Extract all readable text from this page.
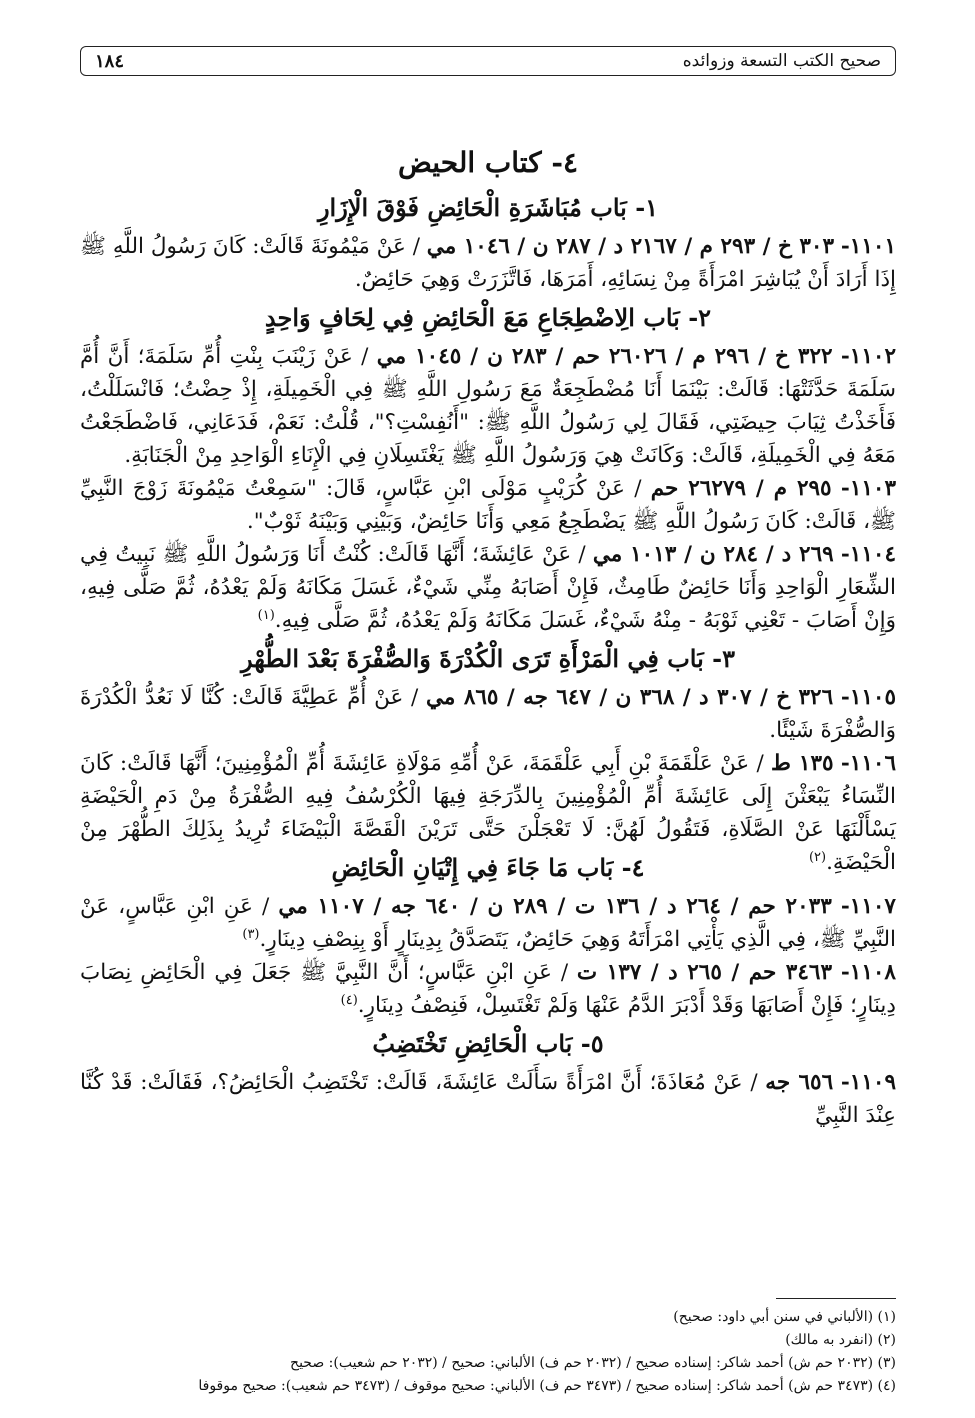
صحيح الكتب التسعة وزوائده
١٨٤
٤- كتاب الحيض
١- بَاب مُبَاشَرَةِ الْحَائِضِ فَوْقَ الْإِزَارِ

١١٠١- ٣٠٣ خ / ٢٩٣ م / ٢١٦٧ د / ٢٨٧ ن / ١٠٤٦ مي / عَنْ مَيْمُونَةَ قَالَتْ: كَانَ رَسُولُ اللَّهِ ﷺ إِذَا أَرَادَ أَنْ يُبَاشِرَ امْرَأَةً مِنْ نِسَائِهِ، أَمَرَهَا، فَاتَّزَرَتْ وَهِيَ حَائِضٌ.

٢- بَاب الِاضْطِجَاعِ مَعَ الْحَائِضِ فِي لِحَافٍ وَاحِدٍ

١١٠٢- ٣٢٢ خ / ٢٩٦ م / ٢٦٠٢٦ حم / ٢٨٣ ن / ١٠٤٥ مي / عَنْ زَيْنَبَ بِنْتِ أُمِّ سَلَمَةَ؛ أَنَّ أُمَّ سَلَمَةَ حَدَّثَتْهَا: قَالَتْ: بَيْنَمَا أَنَا مُضْطَجِعَةٌ مَعَ رَسُولِ اللَّهِ ﷺ فِي الْخَمِيلَةِ، إِذْ حِضْتُ؛ فَانْسَلَلْتُ، فَأَخَذْتُ ثِيَابَ حِيضَتِي، فَقَالَ لِي رَسُولُ اللَّهِ ﷺ: "أَنُفِسْتِ؟"، قُلْتُ: نَعَمْ، فَدَعَانِي، فَاضْطَجَعْتُ مَعَهُ فِي الْخَمِيلَةِ، قَالَتْ: وَكَانَتْ هِيَ وَرَسُولُ اللَّهِ ﷺ يَغْتَسِلَانِ فِي الْإِنَاءِ الْوَاحِدِ مِنْ الْجَنَابَةِ.

١١٠٣- ٢٩٥ م / ٢٦٢٧٩ حم / عَنْ كُرَيْبٍ مَوْلَى ابْنِ عَبَّاسٍ، قَالَ: "سَمِعْتُ مَيْمُونَةَ زَوْجَ النَّبِيِّ ﷺ، قَالَتْ: كَانَ رَسُولُ اللَّهِ ﷺ يَضْطَجِعُ مَعِي وَأَنَا حَائِضٌ، وَبَيْنِي وَبَيْنَهُ ثَوْبٌ".

١١٠٤- ٢٦٩ د / ٢٨٤ ن / ١٠١٣ مي / عَنْ عَائِشَةَ؛ أَنَّهَا قَالَتْ: كُنْتُ أَنَا وَرَسُولُ اللَّهِ ﷺ نَبِيتُ فِي الشِّعَارِ الْوَاحِدِ وَأَنَا حَائِضٌ طَامِثٌ، فَإِنْ أَصَابَهُ مِنِّي شَيْءٌ، غَسَلَ مَكَانَهُ وَلَمْ يَعْدُهُ، ثُمَّ صَلَّى فِيهِ، وَإِنْ أَصَابَ - تَعْنِي ثَوْبَهُ - مِنْهُ شَيْءٌ، غَسَلَ مَكَانَهُ وَلَمْ يَعْدُهُ، ثُمَّ صَلَّى فِيهِ.$^{(١)}$

٣- بَاب فِي الْمَرْأَةِ تَرَى الْكُدْرَةَ وَالصُّفْرَةَ بَعْدَ الطُّهْرِ

١١٠٥- ٣٢٦ خ / ٣٠٧ د / ٣٦٨ ن / ٦٤٧ جه / ٨٦٥ مي / عَنْ أُمِّ عَطِيَّةَ قَالَتْ: كُنَّا لَا نَعُدُّ الْكُدْرَةَ وَالصُّفْرَةَ شَيْئًا.

١١٠٦- ١٣٥ ط / عَنْ عَلْقَمَةَ بْنِ أَبِي عَلْقَمَةَ، عَنْ أُمِّهِ مَوْلَاةِ عَائِشَةَ أُمِّ الْمُؤْمِنِينَ؛ أَنَّهَا قَالَتْ: كَانَ النِّسَاءُ يَبْعَثْنَ إِلَى عَائِشَةَ أُمِّ الْمُؤْمِنِينَ بِالدِّرَجَةِ فِيهَا الْكُرْسُفُ فِيهِ الصُّفْرَةُ مِنْ دَمِ الْحَيْضَةِ يَسْأَلْنَهَا عَنْ الصَّلَاةِ، فَتَقُولُ لَهُنَّ: لَا تَعْجَلْنَ حَتَّى تَرَيْنَ الْقَصَّةَ الْبَيْضَاءَ تُرِيدُ بِذَلِكَ الطُّهْرَ مِنْ الْحَيْضَةِ.$^{(٢)}$

٤- بَاب مَا جَاءَ فِي إِتْيَانِ الْحَائِضِ

١١٠٧- ٢٠٣٣ حم / ٢٦٤ د / ١٣٦ ت / ٢٨٩ ن / ٦٤٠ جه / ١١٠٧ مي / عَنِ ابْنِ عَبَّاسٍ، عَنْ النَّبِيِّ ﷺ، فِي الَّذِي يَأْتِي امْرَأَتَهُ وَهِيَ حَائِضٌ، يَتَصَدَّقُ بِدِينَارٍ أَوْ بِنِصْفِ دِينَارٍ.$^{(٣)}$

١١٠٨- ٣٤٦٣ حم / ٢٦٥ د / ١٣٧ ت / عَنِ ابْنِ عَبَّاسٍ؛ أَنَّ النَّبِيَّ ﷺ جَعَلَ فِي الْحَائِضِ نِصَابَ دِينَارٍ؛ فَإِنْ أَصَابَهَا وَقَدْ أَدْبَرَ الدَّمُ عَنْهَا وَلَمْ تَغْتَسِلْ، فَنِصْفُ دِينَارٍ.$^{(٤)}$

٥- بَاب الْحَائِضِ تَخْتَضِبُ

١١٠٩- ٦٥٦ جه / عَنْ مُعَاذَةَ؛ أَنَّ امْرَأَةً سَأَلَتْ عَائِشَةَ، قَالَتْ: تَخْتَضِبُ الْحَائِضُ؟، فَقَالَتْ: قَدْ كُنَّا عِنْدَ النَّبِيِّ

(١) (الألباني في سنن أبي داود: صحيح)
(٢) (انفرد به مالك)
(٣) (٢٠٣٢ حم ش) أحمد شاكر: إسناده صحيح / (٢٠٣٢ حم ف) الألباني: صحيح / (٢٠٣٢ حم شعيب): صحيح
(٤) (٣٤٧٣ حم ش) أحمد شاكر: إسناده صحيح / (٣٤٧٣ حم ف) الألباني: صحيح موقوف / (٣٤٧٣ حم شعيب): صحيح موقوفا
